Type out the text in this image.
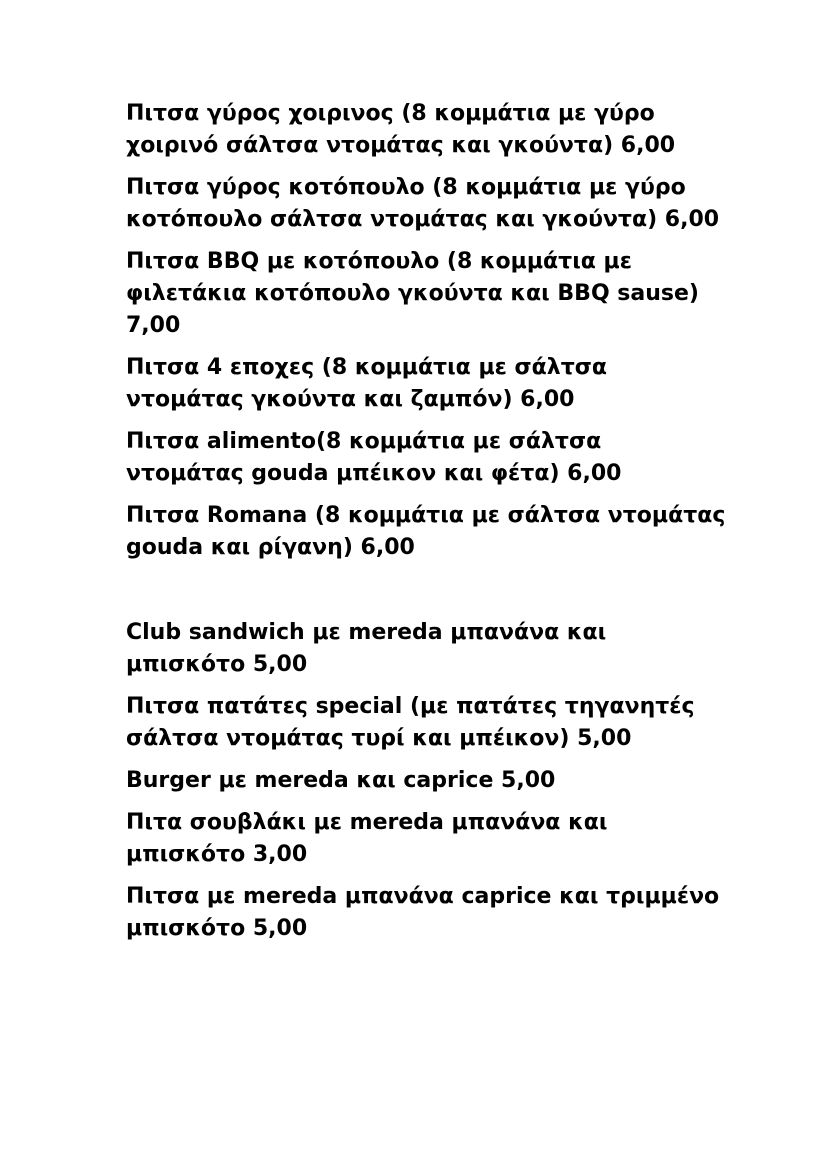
Πιτσα γύρος χοιρινος (8 κομμάτια με γύρο χοιρινό σάλτσα ντομάτας και γκούντα) 6,00

Πιτσα γύρος κοτόπουλο (8 κομμάτια με γύρο κοτόπουλο σάλτσα ντομάτας και γκούντα) 6,00

Πιτσα BBQ με κοτόπουλο (8 κομμάτια με φιλετάκια κοτόπουλο γκούντα και BBQ sause) 7,00

Πιτσα 4 εποχες (8 κομμάτια με σάλτσα ντομάτας γκούντα και ζαμπόν) 6,00

Πιτσα alimento(8 κομμάτια με σάλτσα ντομάτας gouda μπέικον και φέτα) 6,00

Πιτσα Romana (8 κομμάτια με σάλτσα ντομάτας gouda και ρίγανη) 6,00

Club sandwich με mereda μπανάνα και μπισκότο 5,00

Πιτσα πατάτες special (με πατάτες τηγανητές σάλτσα ντομάτας τυρί και μπέικον) 5,00

Burger με mereda και caprice 5,00

Πιτα σουβλάκι με mereda μπανάνα και μπισκότο 3,00

Πιτσα με mereda μπανάνα caprice και τριμμένο μπισκότο 5,00
